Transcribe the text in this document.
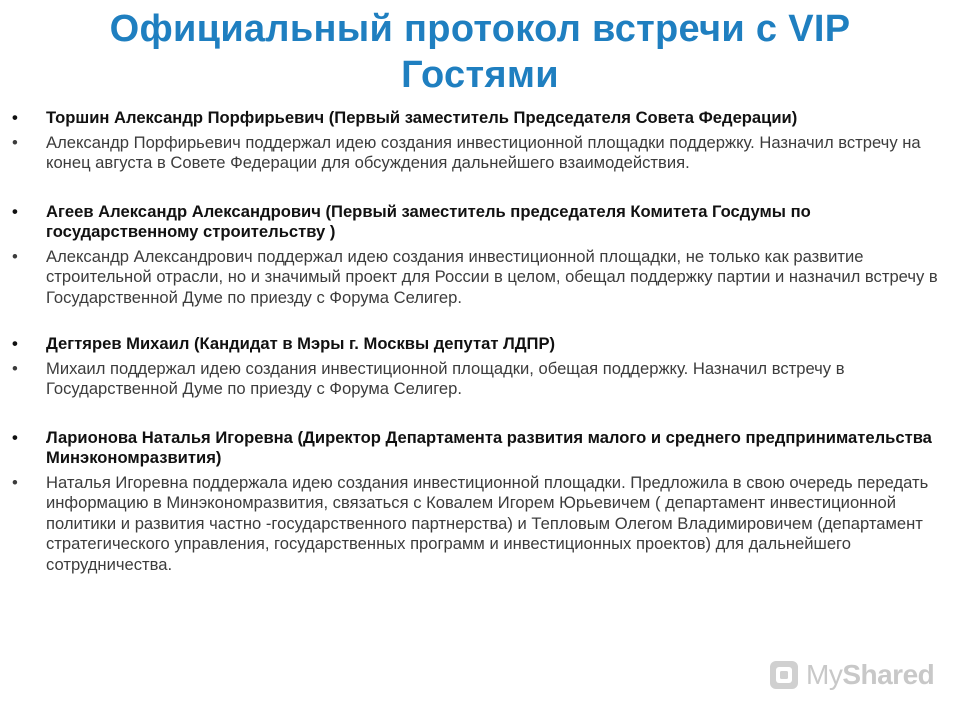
Официальный протокол встречи с VIP Гостями
•	Торшин Александр Порфирьевич (Первый заместитель Председателя Совета Федерации)
•	Александр Порфирьевич поддержал идею создания инвестиционной площадки поддержку. Назначил встречу на конец августа в Совете Федерации для обсуждения дальнейшего взаимодействия.
•	Агеев Александр Александрович (Первый заместитель председателя Комитета Госдумы по государственному строительству )
•	Александр Александрович поддержал идею создания инвестиционной площадки, не только как развитие строительной отрасли, но и значимый проект для России в целом, обещал поддержку партии и назначил встречу в Государственной Думе по приезду с Форума Селигер.
•	Дегтярев Михаил (Кандидат в Мэры г. Москвы депутат ЛДПР)
•	Михаил поддержал идею создания инвестиционной площадки, обещая поддержку. Назначил встречу в Государственной Думе по приезду с Форума Селигер.
•	Ларионова Наталья Игоревна (Директор Департамента развития малого и среднего предпринимательства Минэкономразвития)
•	Наталья Игоревна поддержала идею создания инвестиционной площадки. Предложила в свою очередь передать информацию в Минэкономразвития, связаться с Ковалем Игорем Юрьевичем ( департамент инвестиционной политики и развития частно -государственного партнерства) и Тепловым Олегом Владимировичем (департамент стратегического управления, государственных программ и инвестиционных проектов) для дальнейшего сотрудничества.
MyShared
